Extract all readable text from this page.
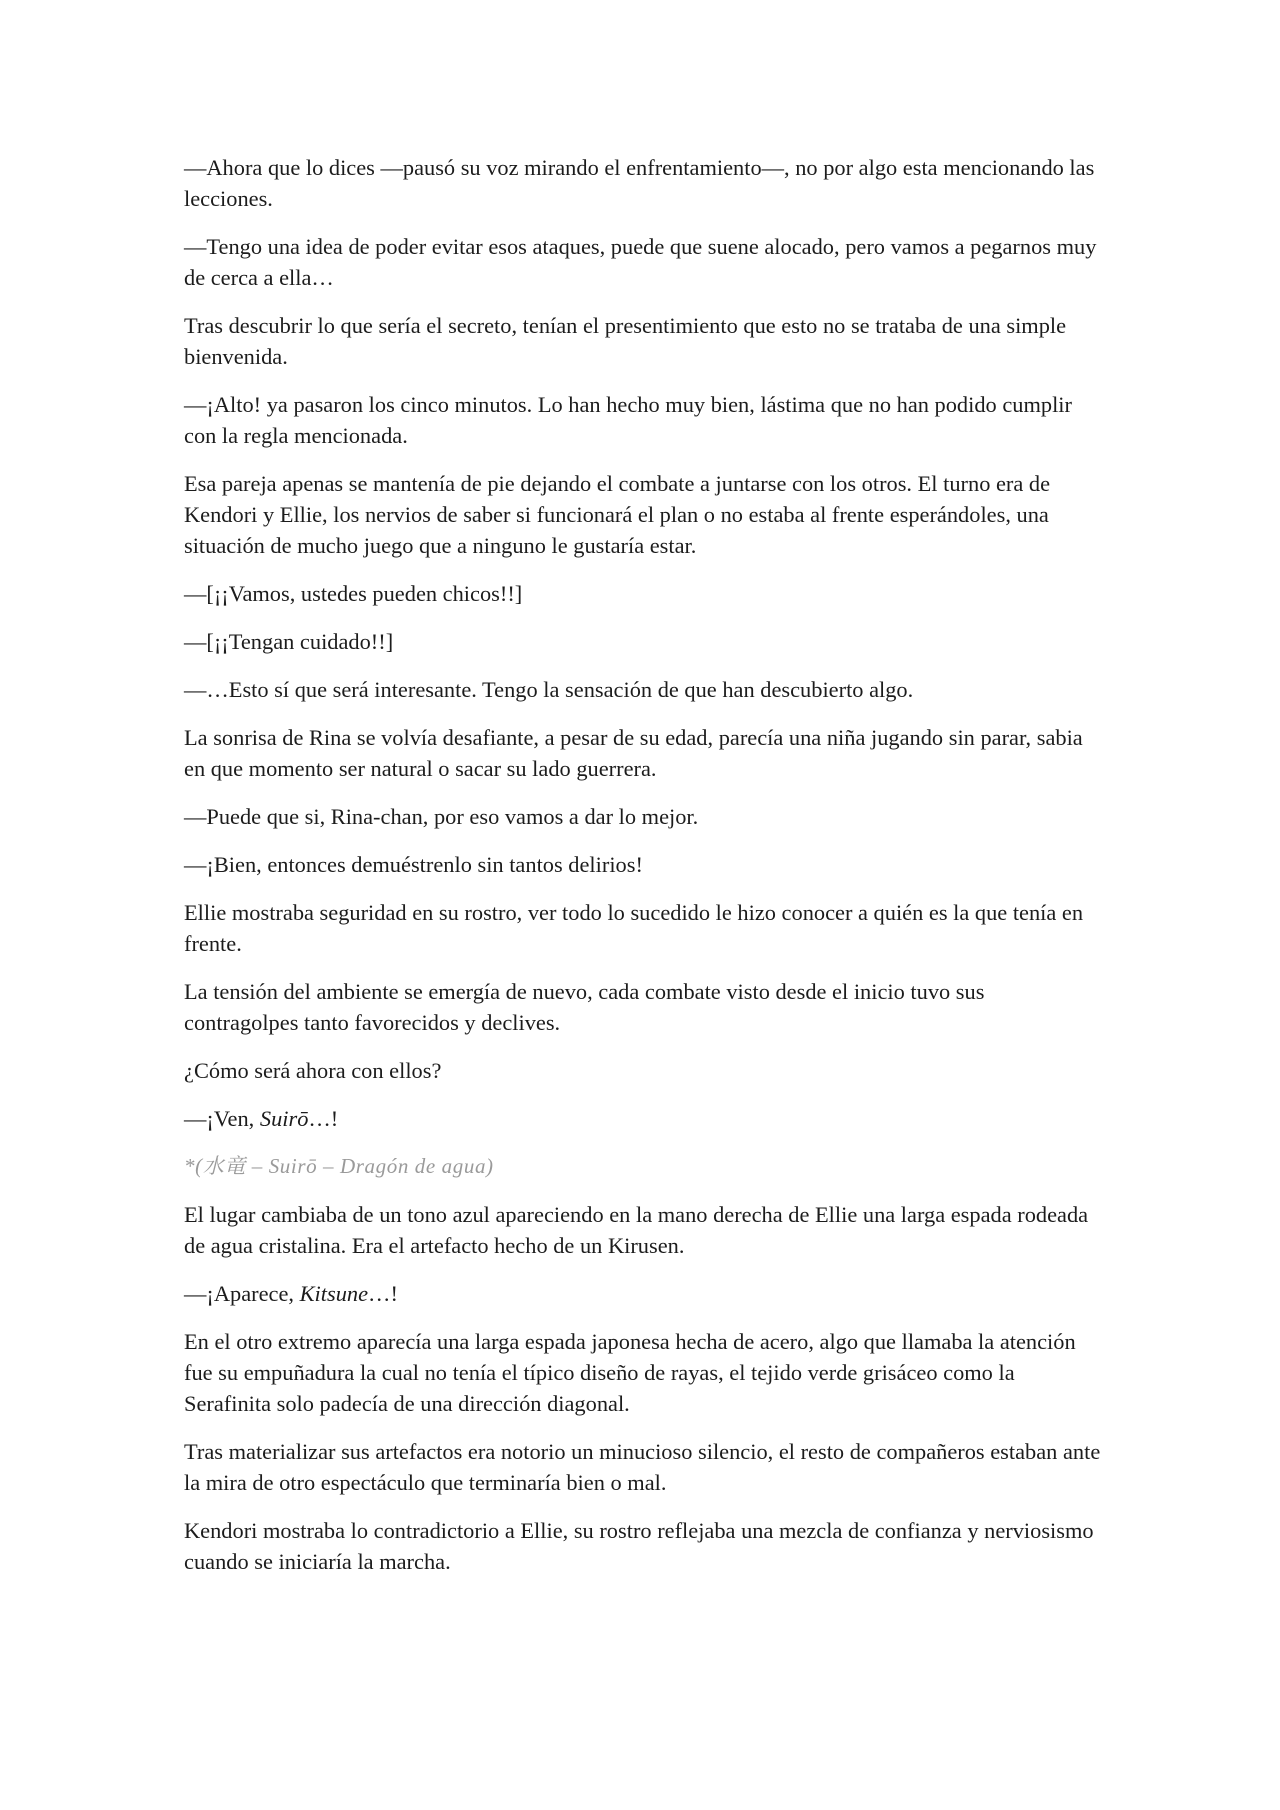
—Ahora que lo dices —pausó su voz mirando el enfrentamiento—, no por algo esta mencionando las lecciones.

—Tengo una idea de poder evitar esos ataques, puede que suene alocado, pero vamos a pegarnos muy de cerca a ella…

Tras descubrir lo que sería el secreto, tenían el presentimiento que esto no se trataba de una simple bienvenida.

—¡Alto! ya pasaron los cinco minutos. Lo han hecho muy bien, lástima que no han podido cumplir con la regla mencionada.

Esa pareja apenas se mantenía de pie dejando el combate a juntarse con los otros. El turno era de Kendori y Ellie, los nervios de saber si funcionará el plan o no estaba al frente esperándoles, una situación de mucho juego que a ninguno le gustaría estar.

—[¡¡Vamos, ustedes pueden chicos!!]

—[¡¡Tengan cuidado!!]

—…Esto sí que será interesante. Tengo la sensación de que han descubierto algo.

La sonrisa de Rina se volvía desafiante, a pesar de su edad, parecía una niña jugando sin parar, sabia en que momento ser natural o sacar su lado guerrera.

—Puede que si, Rina-chan, por eso vamos a dar lo mejor.

—¡Bien, entonces demuéstrenlo sin tantos delirios!

Ellie mostraba seguridad en su rostro, ver todo lo sucedido le hizo conocer a quién es la que tenía en frente.

La tensión del ambiente se emergía de nuevo, cada combate visto desde el inicio tuvo sus contragolpes tanto favorecidos y declives.

¿Cómo será ahora con ellos?

—¡Ven, Suirō…!

*(水竜 – Suirō – Dragón de agua)

El lugar cambiaba de un tono azul apareciendo en la mano derecha de Ellie una larga espada rodeada de agua cristalina. Era el artefacto hecho de un Kirusen.

—¡Aparece, Kitsune…!

En el otro extremo aparecía una larga espada japonesa hecha de acero, algo que llamaba la atención fue su empuñadura la cual no tenía el típico diseño de rayas, el tejido verde grisáceo como la Serafinita solo padecía de una dirección diagonal.

Tras materializar sus artefactos era notorio un minucioso silencio, el resto de compañeros estaban ante la mira de otro espectáculo que terminaría bien o mal.

Kendori mostraba lo contradictorio a Ellie, su rostro reflejaba una mezcla de confianza y nerviosismo cuando se iniciaría la marcha.
